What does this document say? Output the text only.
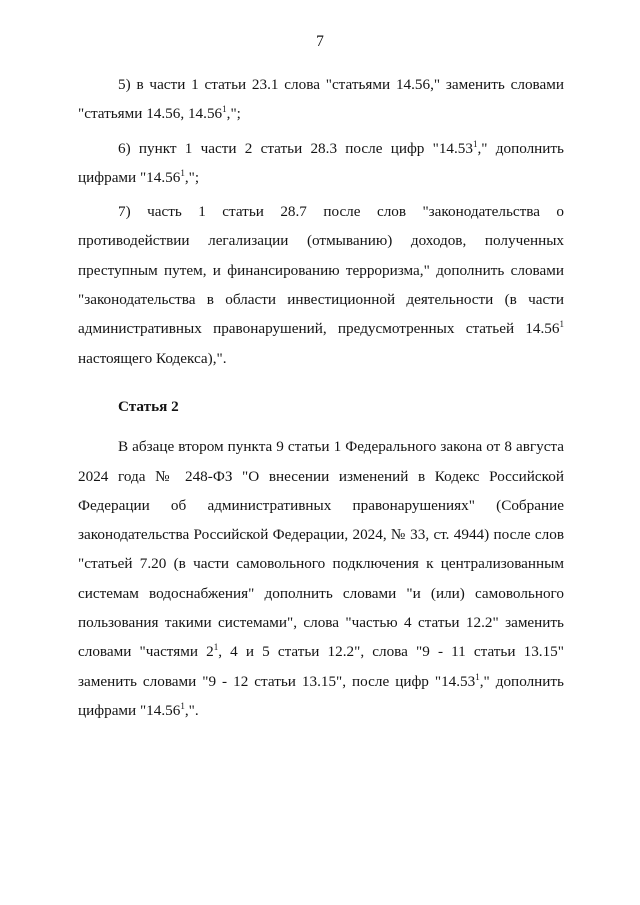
7

5) в части 1 статьи 23.1 слова "статьями 14.56," заменить словами "статьями 14.56, 14.56$^1$,";

6) пункт 1 части 2 статьи 28.3 после цифр "14.53$^1$," дополнить цифрами "14.56$^1$,";

7) часть 1 статьи 28.7 после слов "законодательства о противодействии легализации (отмыванию) доходов, полученных преступным путем, и финансированию терроризма," дополнить словами "законодательства в области инвестиционной деятельности (в части административных правонарушений, предусмотренных статьей 14.56$^1$ настоящего Кодекса),".

Статья 2

В абзаце втором пункта 9 статьи 1 Федерального закона от 8 августа 2024 года № 248-ФЗ "О внесении изменений в Кодекс Российской Федерации об административных правонарушениях" (Собрание законодательства Российской Федерации, 2024, № 33, ст. 4944) после слов "статьей 7.20 (в части самовольного подключения к централизованным системам водоснабжения" дополнить словами "и (или) самовольного пользования такими системами", слова "частью 4 статьи 12.2" заменить словами "частями $2^1$, 4 и 5 статьи 12.2", слова "9 - 11 статьи 13.15" заменить словами "9 - 12 статьи 13.15", после цифр "14.53$^1$," дополнить цифрами "14.56$^1$,".
